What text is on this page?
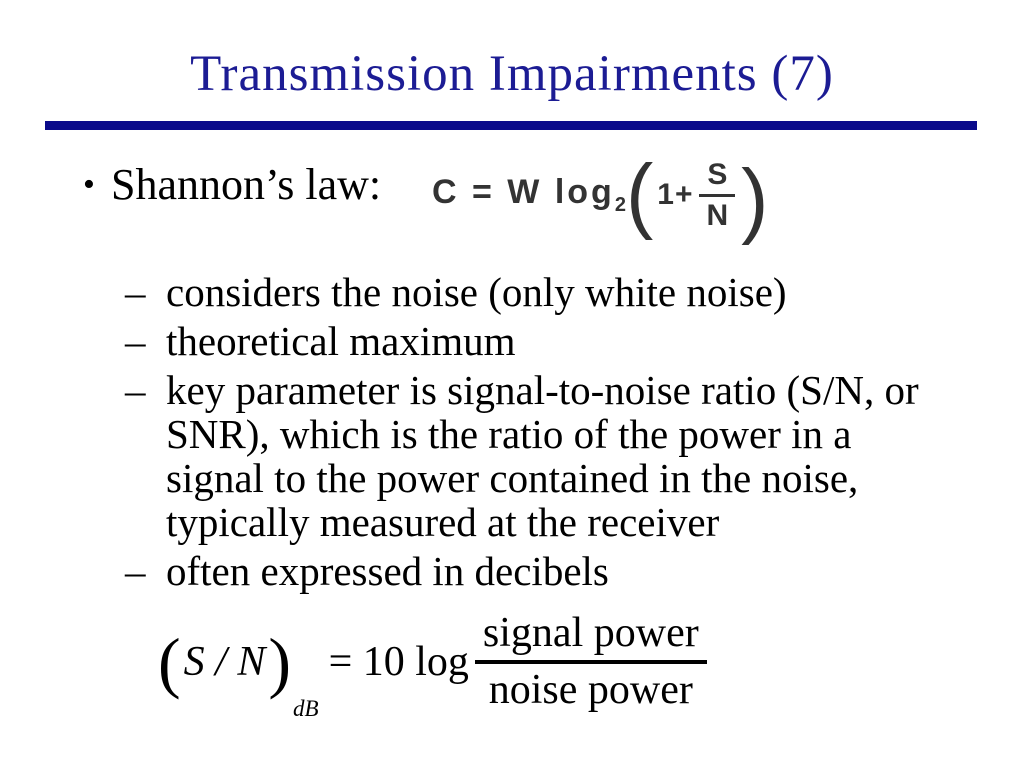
Transmission Impairments (7)
• Shannon’s law: C = W $\log_2$ ( $1+ \frac{S}{N}$ )
– considers the noise (only white noise)
– theoretical maximum
– key parameter is signal-to-noise ratio (S/N, or
SNR), which is the ratio of the power in a
signal to the power contained in the noise,
typically measured at the receiver
– often expressed in decibels
( S / N )
dB
= 10 $\log \frac{\text{signal power}}{\text{noise power}}$
